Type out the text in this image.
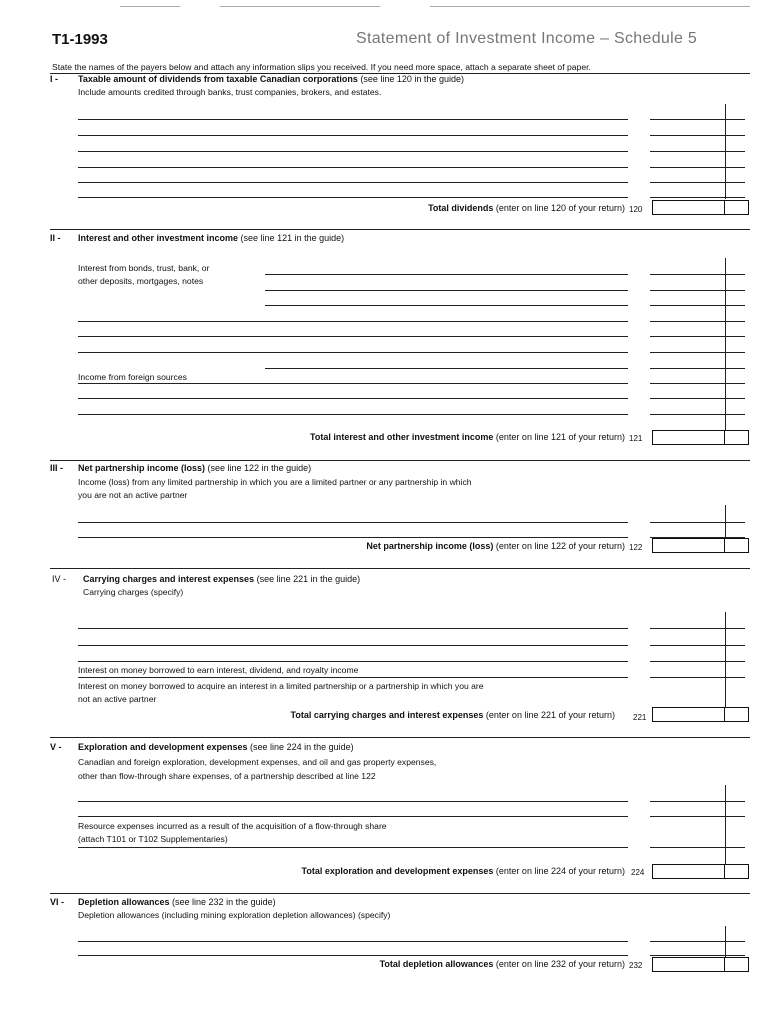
T1-1993	Statement of Investment Income – Schedule 5
State the names of the payers below and attach any information slips you received. If you need more space, attach a separate sheet of paper.
I - Taxable amount of dividends from taxable Canadian corporations (see line 120 in the guide)
Include amounts credited through banks, trust companies, brokers, and estates.
Total dividends (enter on line 120 of your return) 120
II - Interest and other investment income (see line 121 in the guide)
Interest from bonds, trust, bank, or
other deposits, mortgages, notes
Income from foreign sources
Total interest and other investment income (enter on line 121 of your return) 121
III - Net partnership income (loss) (see line 122 in the guide)
Income (loss) from any limited partnership in which you are a limited partner or any partnership in which
you are not an active partner
Net partnership income (loss) (enter on line 122 of your return) 122
IV - Carrying charges and interest expenses (see line 221 in the guide)
Carrying charges (specify)
Interest on money borrowed to earn interest, dividend, and royalty income
Interest on money borrowed to acquire an interest in a limited partnership or a partnership in which you are
not an active partner
Total carrying charges and interest expenses (enter on line 221 of your return) 221
V - Exploration and development expenses (see line 224 in the guide)
Canadian and foreign exploration, development expenses, and oil and gas property expenses,
other than flow-through share expenses, of a partnership described at line 122
Resource expenses incurred as a result of the acquisition of a flow-through share
(attach T101 or T102 Supplementaries)
Total exploration and development expenses (enter on line 224 of your return) 224
VI - Depletion allowances (see line 232 in the guide)
Depletion allowances (including mining exploration depletion allowances) (specify)
Total depletion allowances (enter on line 232 of your return) 232
